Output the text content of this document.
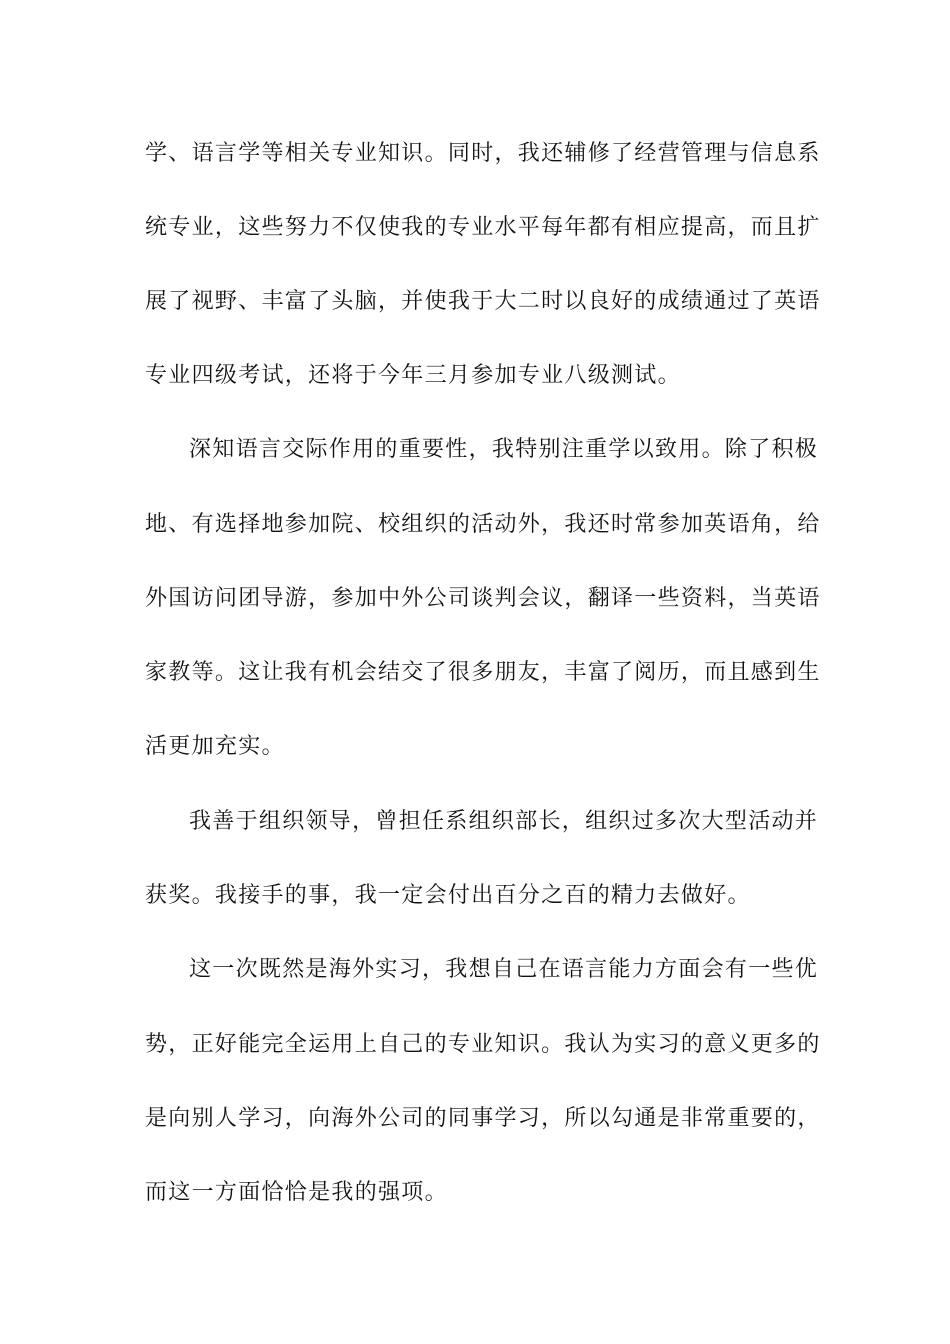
学、语言学等相关专业知识。同时，我还辅修了经营管理与信息系
统专业，这些努力不仅使我的专业水平每年都有相应提高，而且扩
展了视野、丰富了头脑，并使我于大二时以良好的成绩通过了英语
专业四级考试，还将于今年三月参加专业八级测试。
深知语言交际作用的重要性，我特别注重学以致用。除了积极
地、有选择地参加院、校组织的活动外，我还时常参加英语角，给
外国访问团导游，参加中外公司谈判会议，翻译一些资料，当英语
家教等。这让我有机会结交了很多朋友，丰富了阅历，而且感到生
活更加充实。
我善于组织领导，曾担任系组织部长，组织过多次大型活动并
获奖。我接手的事，我一定会付出百分之百的精力去做好。
这一次既然是海外实习，我想自己在语言能力方面会有一些优
势，正好能完全运用上自己的专业知识。我认为实习的意义更多的
是向别人学习，向海外公司的同事学习，所以勾通是非常重要的，
而这一方面恰恰是我的强项。
